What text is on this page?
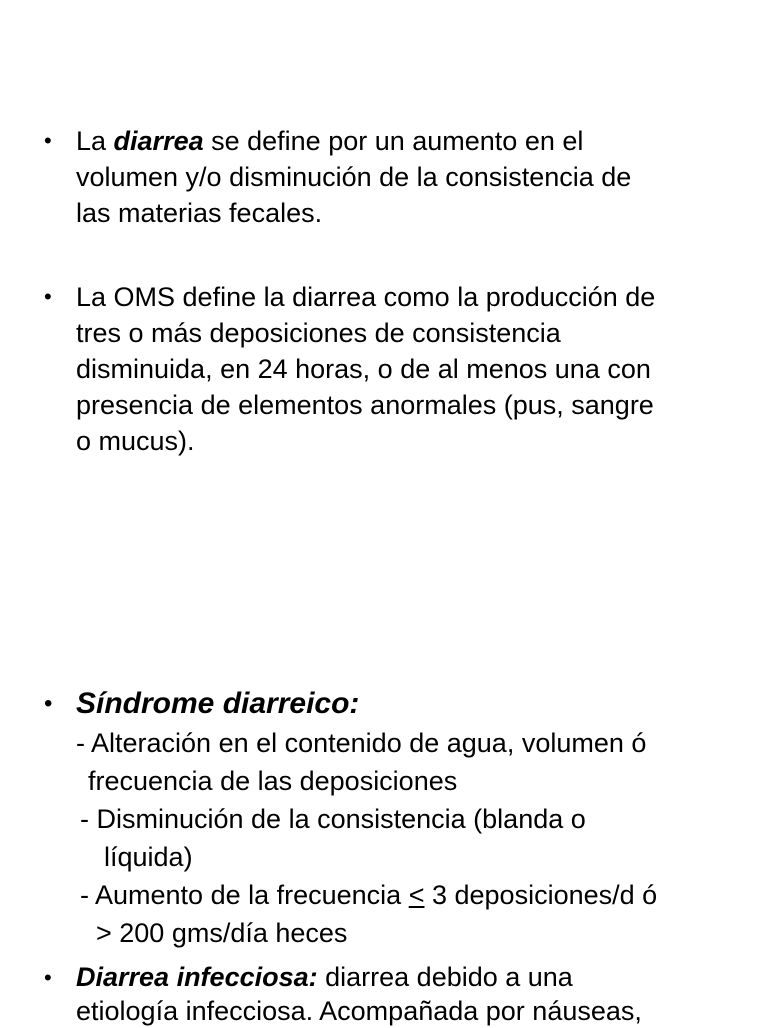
• La diarrea se define por un aumento en el
volumen y/o disminución de la consistencia de
las materias fecales.

• La OMS define la diarrea como la producción de
tres o más deposiciones de consistencia
disminuida, en 24 horas, o de al menos una con
presencia de elementos anormales (pus, sangre
o mucus).

• Síndrome diarreico:

- Alteración en el contenido de agua, volumen ó

frecuencia de las deposiciones

- Disminución de la consistencia (blanda o

líquida)

- Aumento de la frecuencia ≤ 3 deposiciones/d ó

> 200 gms/día heces

• Diarrea infecciosa: diarrea debido a una
etiología infecciosa. Acompañada por náuseas,
